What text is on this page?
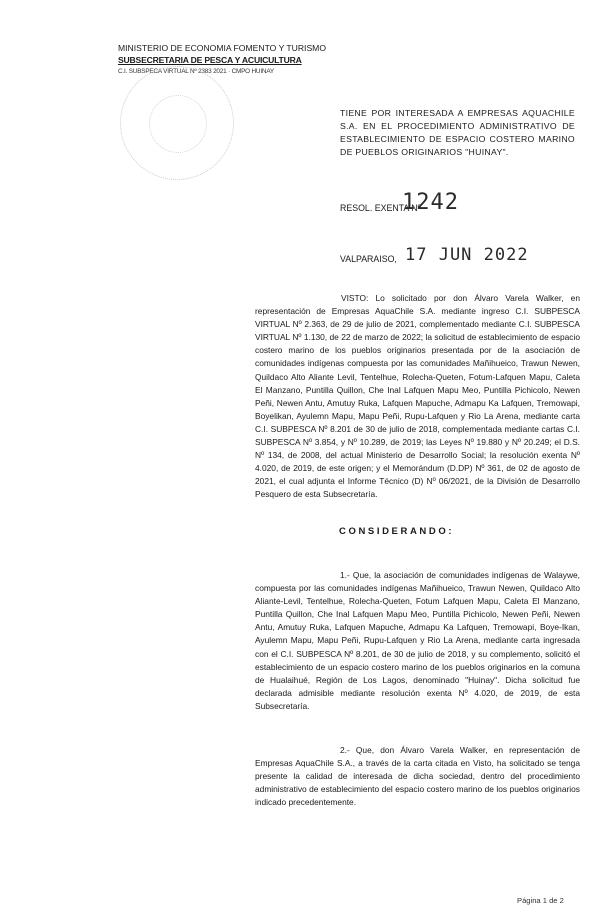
MINISTERIO DE ECONOMIA FOMENTO Y TURISMO
SUBSECRETARIA DE PESCA Y ACUICULTURA
C.I. SUBSPECA VIRTUAL Nº 2383 2021 · CMPO HUINAY
TIENE POR INTERESADA A EMPRESAS AQUACHILE S.A. EN EL PROCEDIMIENTO ADMINISTRATIVO DE ESTABLECIMIENTO DE ESPACIO COSTERO MARINO DE PUEBLOS ORIGINARIOS "HUINAY".
RESOL. EXENTA Nº
1242
VALPARAISO, 17 JUN 2022
VISTO: Lo solicitado por don Álvaro Varela Walker, en representación de Empresas AquaChile S.A. mediante ingreso C.I. SUBPESCA VIRTUAL Nº 2.363, de 29 de julio de 2021, complementado mediante C.I. SUBPESCA VIRTUAL Nº 1.130, de 22 de marzo de 2022; la solicitud de establecimiento de espacio costero marino de los pueblos originarios presentada por de la asociación de comunidades indígenas compuesta por las comunidades Mañihueico, Trawun Newen, Quildaco Alto Aliante Levil, Tentelhue, Rolecha-Queten, Fotum-Lafquen Mapu, Caleta El Manzano, Puntilla Quillon, Che Inal Lafquen Mapu Meo, Puntilla Pichicolo, Newen Peñi, Newen Antu, Amutuy Ruka, Lafquen Mapuche, Admapu Ka Lafquen, Tremowapi, Boyelikan, Ayulemn Mapu, Mapu Peñi, Rupu-Lafquen y Rio La Arena, mediante carta C.I. SUBPESCA Nº 8.201 de 30 de julio de 2018, complementada mediante cartas C.I. SUBPESCA Nº 3.854, y Nº 10.289, de 2019; las Leyes Nº 19.880 y Nº 20.249; el D.S. Nº 134, de 2008, del actual Ministerio de Desarrollo Social; la resolución exenta Nº 4.020, de 2019, de este origen; y el Memorándum (D.DP) Nº 361, de 02 de agosto de 2021, el cual adjunta el Informe Técnico (D) Nº 06/2021, de la División de Desarrollo Pesquero de esta Subsecretaría.
CONSIDERANDO:
1.- Que, la asociación de comunidades indígenas de Walaywe, compuesta por las comunidades indígenas Mañihueico, Trawun Newen, Quildaco Alto Aliante-Levil, Tentelhue, Rolecha-Queten, Fotum Lafquen Mapu, Caleta El Manzano, Puntilla Quillon, Che Inal Lafquen Mapu Meo, Puntilla Pichicolo, Newen Peñi, Newen Antu, Amutuy Ruka, Lafquen Mapuche, Admapu Ka Lafquen, Tremowapi, Boye-Ikan, Ayulemn Mapu, Mapu Peñi, Rupu-Lafquen y Rio La Arena, mediante carta ingresada con el C.I. SUBPESCA Nº 8.201, de 30 de julio de 2018, y su complemento, solicitó el establecimiento de un espacio costero marino de los pueblos originarios en la comuna de Hualaihué, Región de Los Lagos, denominado "Huinay". Dicha solicitud fue declarada admisible mediante resolución exenta Nº 4.020, de 2019, de esta Subsecretaría.
2.- Que, don Álvaro Varela Walker, en representación de Empresas AquaChile S.A., a través de la carta citada en Visto, ha solicitado se tenga presente la calidad de interesada de dicha sociedad, dentro del procedimiento administrativo de establecimiento del espacio costero marino de los pueblos originarios indicado precedentemente.
Página 1 de 2
